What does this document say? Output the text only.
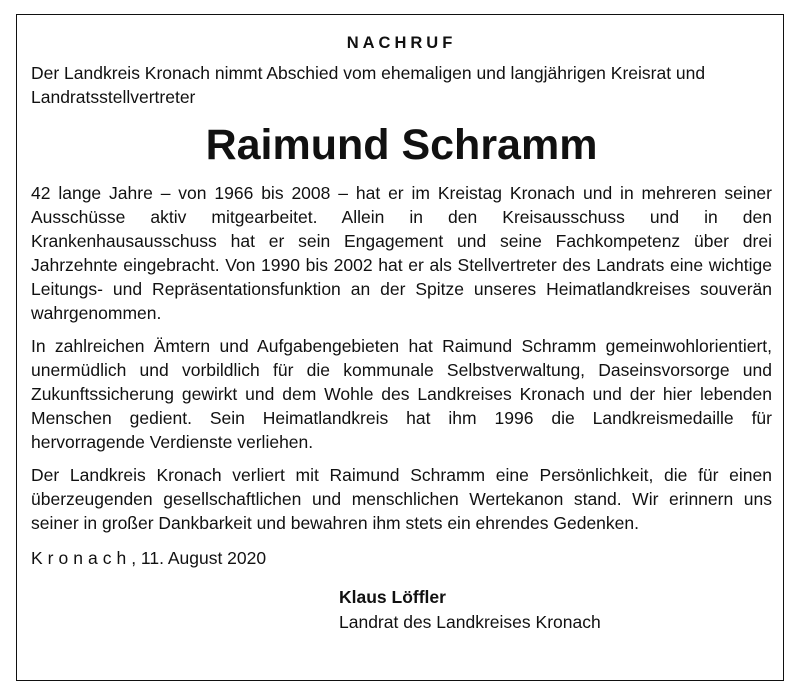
NACHRUF

Der Landkreis Kronach nimmt Abschied vom ehemaligen und langjährigen Kreisrat und Landratsstellvertreter

Raimund Schramm

42 lange Jahre – von 1966 bis 2008 – hat er im Kreistag Kronach und in mehreren seiner Ausschüsse aktiv mitgearbeitet. Allein in den Kreisausschuss und in den Krankenhausausschuss hat er sein Engagement und seine Fachkompetenz über drei Jahrzehnte eingebracht. Von 1990 bis 2002 hat er als Stellvertreter des Landrats eine wichtige Leitungs- und Repräsentationsfunktion an der Spitze unseres Heimatlandkreises souverän wahrgenommen.

In zahlreichen Ämtern und Aufgabengebieten hat Raimund Schramm gemeinwohlorientiert, unermüdlich und vorbildlich für die kommunale Selbstverwaltung, Daseinsvorsorge und Zukunftssicherung gewirkt und dem Wohle des Landkreises Kronach und der hier lebenden Menschen gedient. Sein Heimatlandkreis hat ihm 1996 die Landkreismedaille für hervorragende Verdienste verliehen.

Der Landkreis Kronach verliert mit Raimund Schramm eine Persönlichkeit, die für einen überzeugenden gesellschaftlichen und menschlichen Wertekanon stand. Wir erinnern uns seiner in großer Dankbarkeit und bewahren ihm stets ein ehrendes Gedenken.

Kronach, 11. August 2020

Klaus Löffler

Landrat des Landkreises Kronach
